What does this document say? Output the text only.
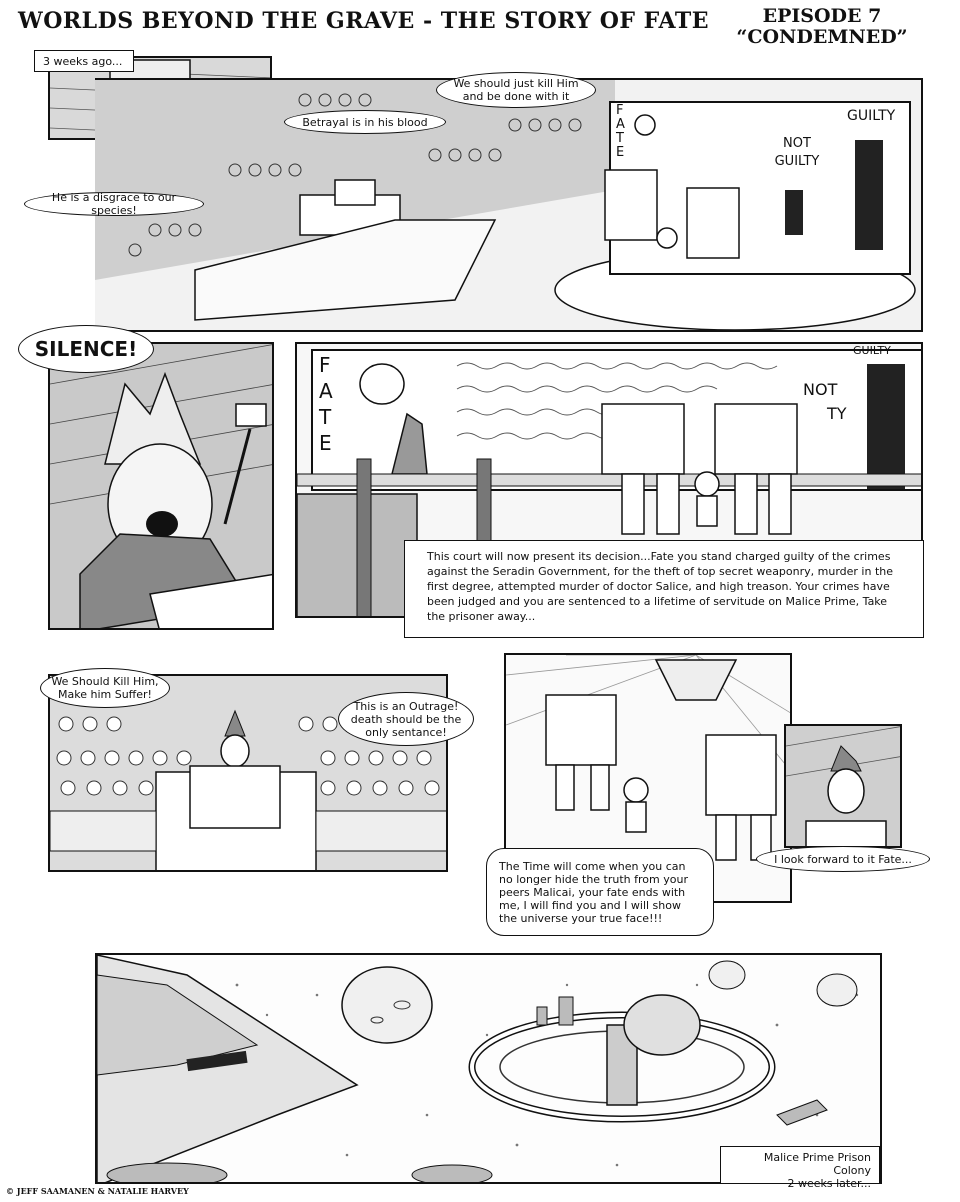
WORLDS BEYOND THE GRAVE - THE STORY OF FATE	EPISODE 7
“CONDEMNED”
FATE
NOT GUILTY
GUILTY
3 weeks ago...
We should just kill Him and be done with it
Betrayal is in his blood
He is a disgrace to our species!
SILENCE!
FATE
NOT
TY
GUILTY
This court will now present its decision...Fate you stand charged guilty of the crimes against the Seradin Government, for the theft of top secret weaponry, murder in the first degree, attempted murder of doctor Salice, and high treason. Your crimes have been judged and you are sentenced to a lifetime of servitude on Malice Prime, Take the prisoner away...
We Should Kill Him, Make him Suffer!
This is an Outrage! death should be the only sentance!
The Time will come when you can no longer hide the truth from your peers Malicai, your fate ends with me, I will find you and I will show the universe your true face!!!
I look forward to it Fate...
Malice Prime Prison Colony
2 weeks later...
© JEFF SAAMANEN & NATALIE HARVEY
